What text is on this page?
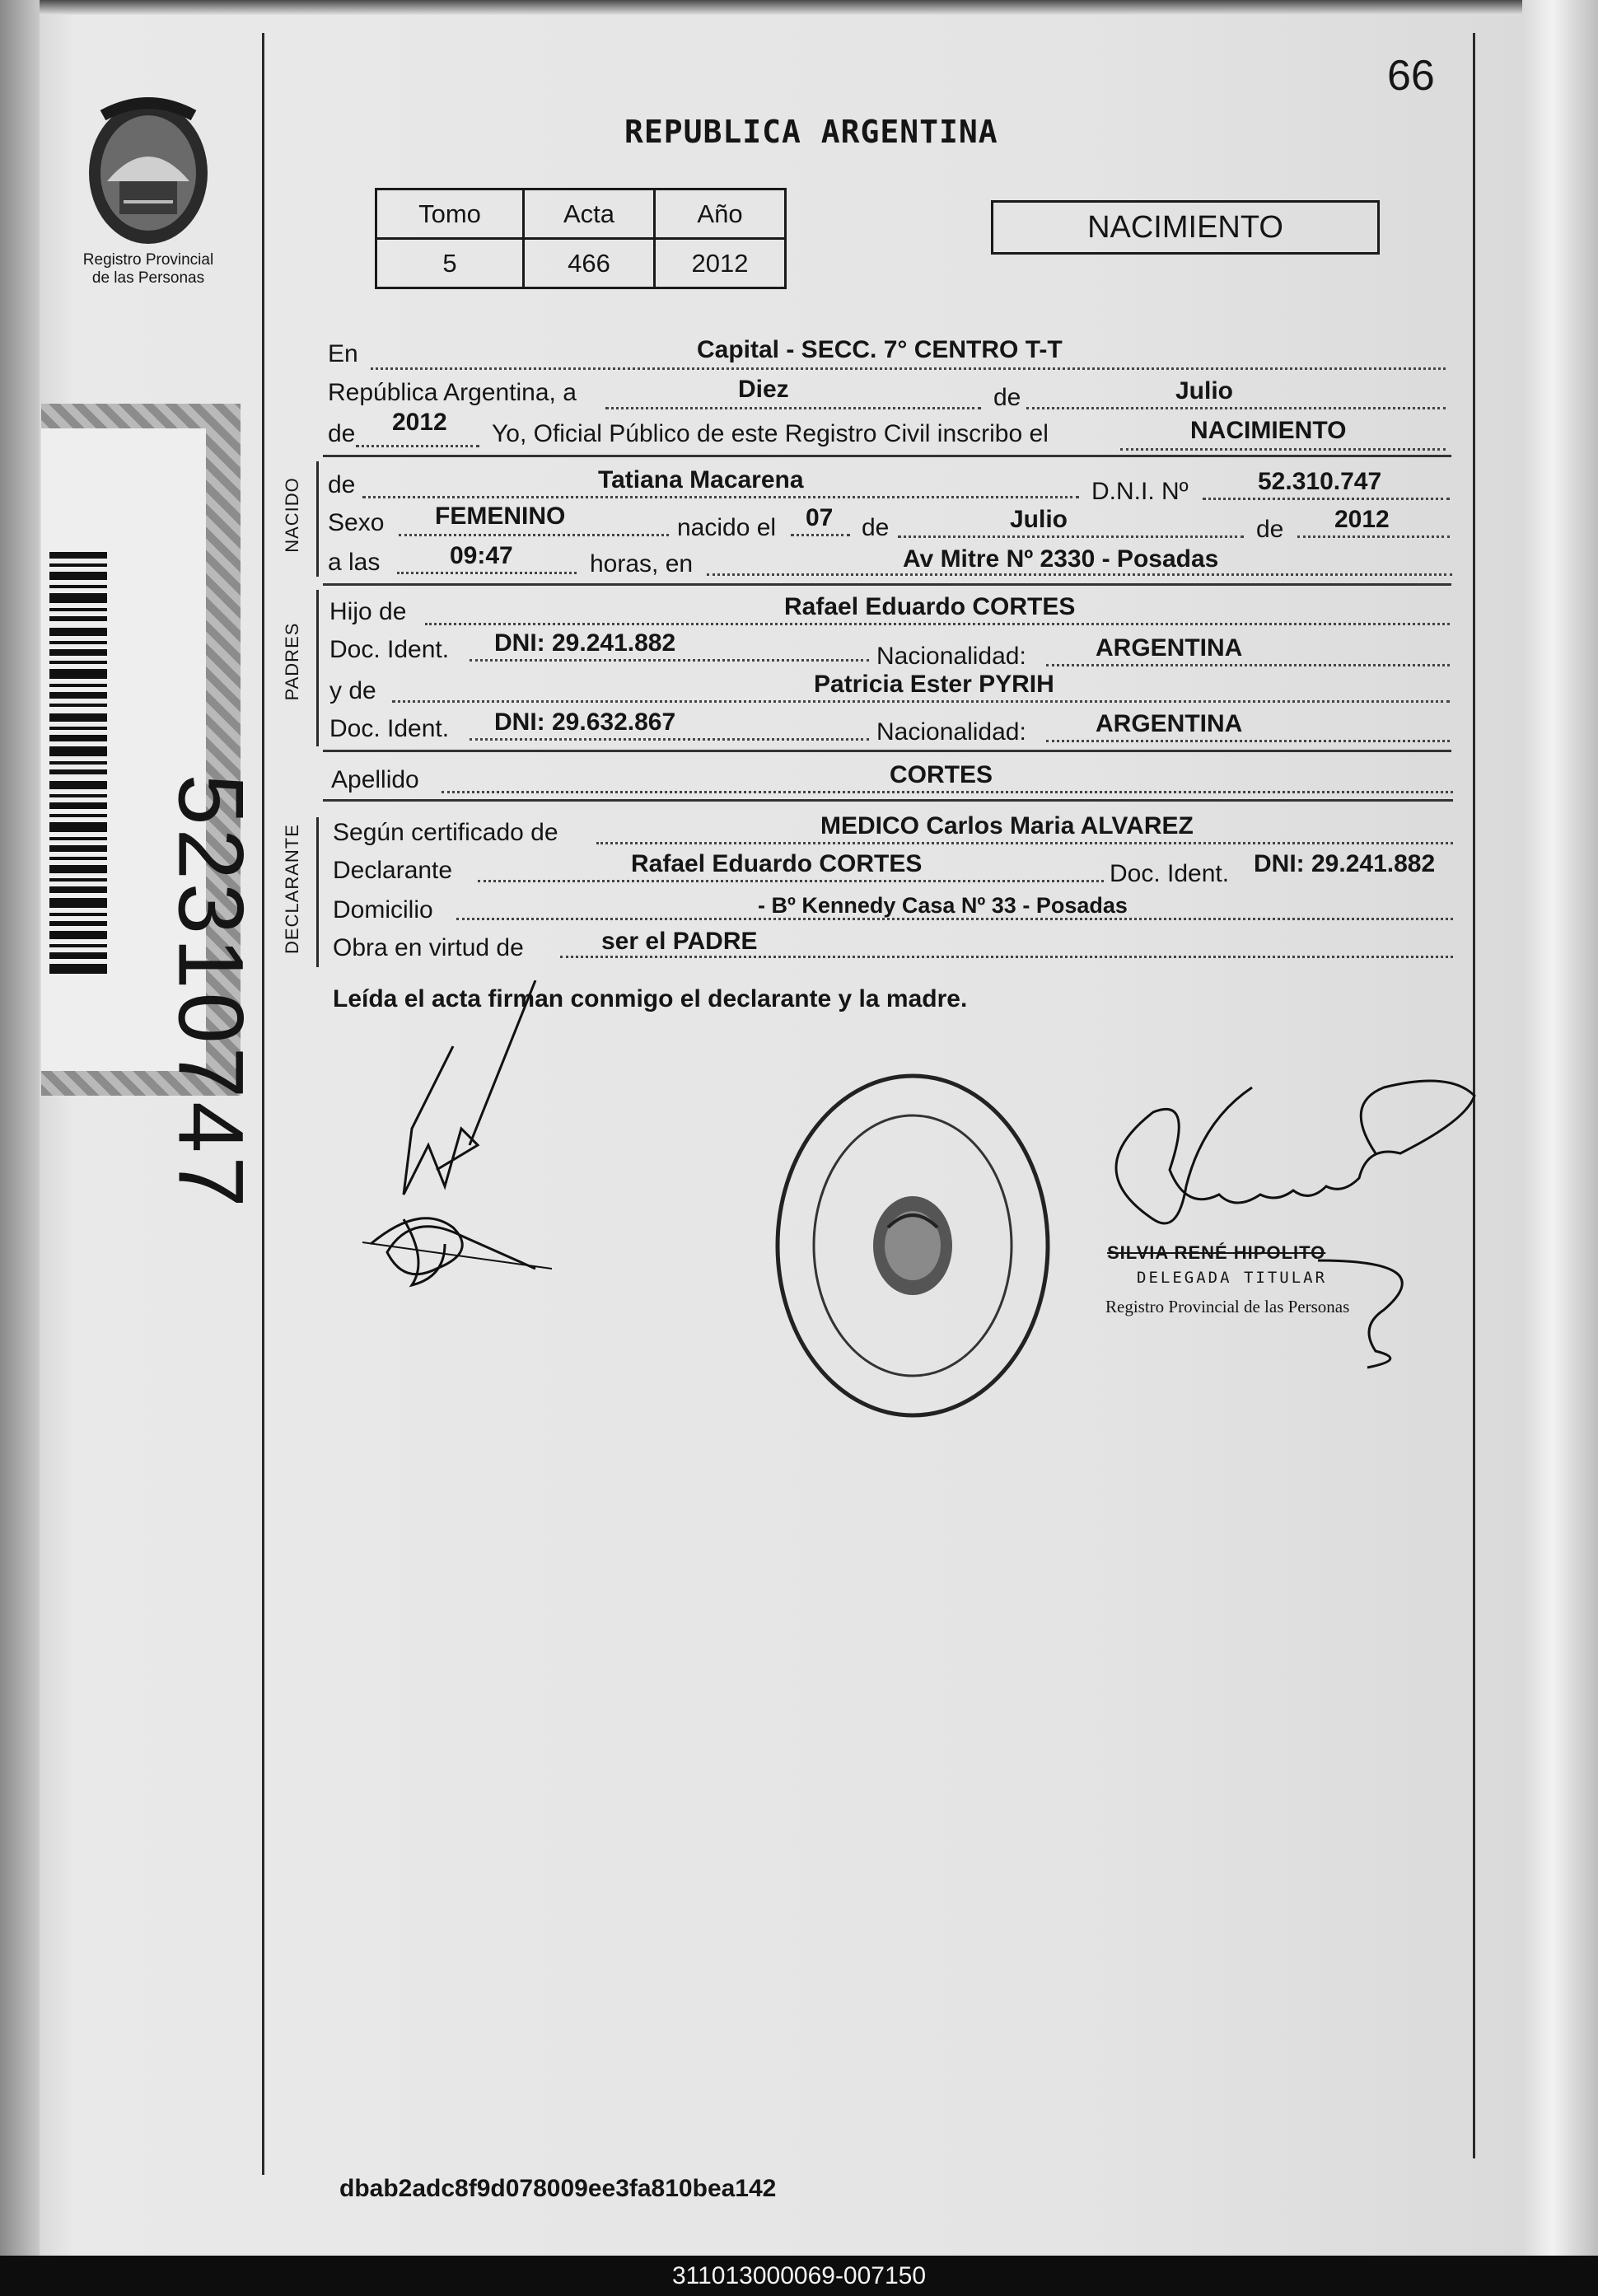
Registro Provincial
de las Personas
52310747
66
REPUBLICA ARGENTINA
Tomo	Acta	Año
5	466	2012
NACIMIENTO
En	Capital - SECC. 7° CENTRO T-T
República Argentina, a	Diez	de	Julio
de 2012 Yo, Oficial Público de este Registro Civil inscribo el	NACIMIENTO
NACIDO de	Tatiana Macarena	D.N.I. Nº	52.310.747
Sexo FEMENINO	nacido el 07 de	Julio	de 2012
a las	09:47	horas, en	Av Mitre Nº 2330 - Posadas
PADRES
Hijo de	Rafael Eduardo CORTES
Doc. Ident. DNI: 29.241.882	Nacionalidad:	ARGENTINA
y de	Patricia Ester PYRIH
Doc. Ident. DNI: 29.632.867	Nacionalidad:	ARGENTINA
Apellido	CORTES
DECLARANTE Según certificado de	MEDICO Carlos Maria ALVAREZ
Declarante	Rafael Eduardo CORTES	Doc. Ident. DNI: 29.241.882
Domicilio	- Bº Kennedy Casa Nº 33 - Posadas
Obra en virtud de	ser el PADRE
Leída el acta firman conmigo el declarante y la madre.
SILVIA RENÉ HIPOLITO
DELEGADA TITULAR
Registro Provincial de las Personas
dbab2adc8f9d078009ee3fa810bea142
311013000069-007150
